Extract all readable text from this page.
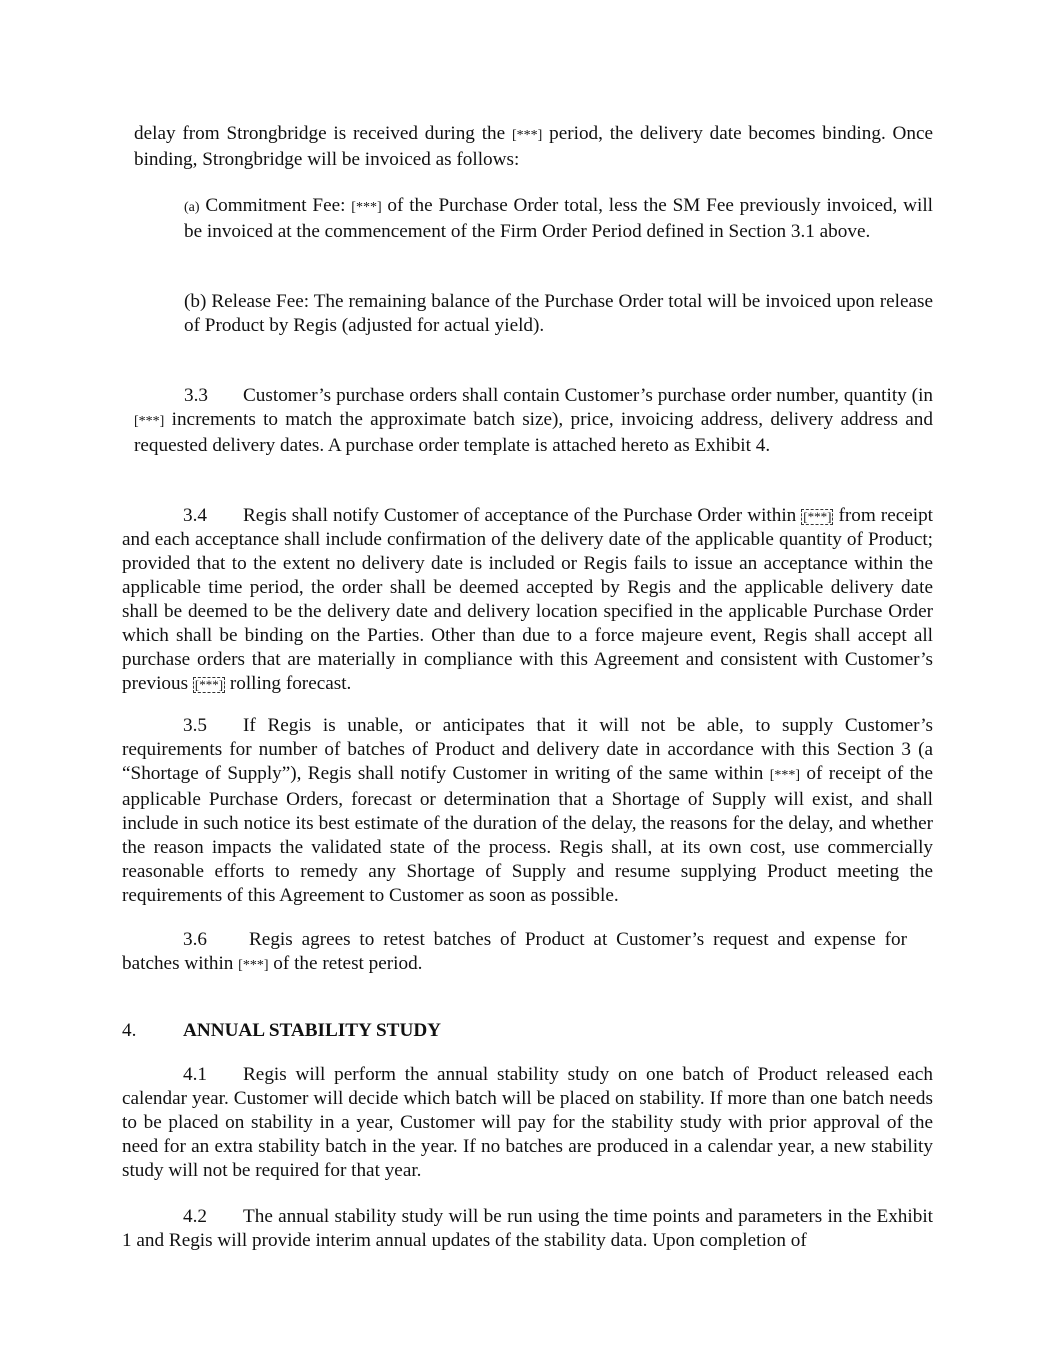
delay from Strongbridge is received during the [***] period, the delivery date becomes binding. Once binding, Strongbridge will be invoiced as follows:

(a) Commitment Fee: [***] of the Purchase Order total, less the SM Fee previously invoiced, will be invoiced at the commencement of the Firm Order Period defined in Section 3.1 above.

(b) Release Fee: The remaining balance of the Purchase Order total will be invoiced upon release of Product by Regis (adjusted for actual yield).

3.3 Customer’s purchase orders shall contain Customer’s purchase order number, quantity (in [***] increments to match the approximate batch size), price, invoicing address, delivery address and requested delivery dates. A purchase order template is attached hereto as Exhibit 4.

3.4 Regis shall notify Customer of acceptance of the Purchase Order within [***] from receipt and each acceptance shall include confirmation of the delivery date of the applicable quantity of Product; provided that to the extent no delivery date is included or Regis fails to issue an acceptance within the applicable time period, the order shall be deemed accepted by Regis and the applicable delivery date shall be deemed to be the delivery date and delivery location specified in the applicable Purchase Order which shall be binding on the Parties. Other than due to a force majeure event, Regis shall accept all purchase orders that are materially in compliance with this Agreement and consistent with Customer’s previous [***] rolling forecast.

3.5 If Regis is unable, or anticipates that it will not be able, to supply Customer’s requirements for number of batches of Product and delivery date in accordance with this Section 3 (a “Shortage of Supply”), Regis shall notify Customer in writing of the same within [***] of receipt of the applicable Purchase Orders, forecast or determination that a Shortage of Supply will exist, and shall include in such notice its best estimate of the duration of the delay, the reasons for the delay, and whether the reason impacts the validated state of the process. Regis shall, at its own cost, use commercially reasonable efforts to remedy any Shortage of Supply and resume supplying Product meeting the requirements of this Agreement to Customer as soon as possible.

3.6 Regis agrees to retest batches of Product at Customer’s request and expense for batches within [***] of the retest period.

4. ANNUAL STABILITY STUDY

4.1 Regis will perform the annual stability study on one batch of Product released each calendar year. Customer will decide which batch will be placed on stability. If more than one batch needs to be placed on stability in a year, Customer will pay for the stability study with prior approval of the need for an extra stability batch in the year. If no batches are produced in a calendar year, a new stability study will not be required for that year.

4.2 The annual stability study will be run using the time points and parameters in the Exhibit 1 and Regis will provide interim annual updates of the stability data. Upon completion of
